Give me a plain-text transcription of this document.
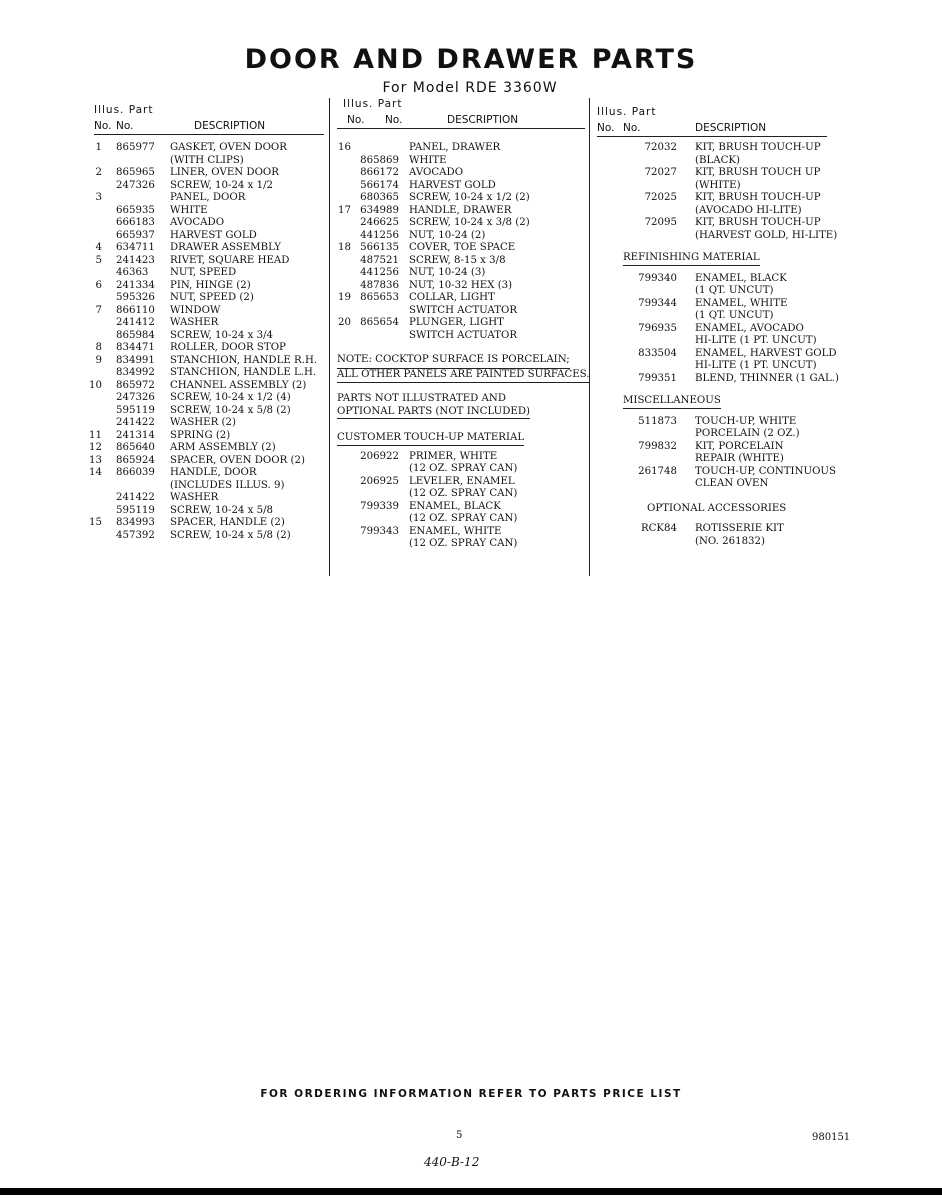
DOOR AND DRAWER PARTS
For Model RDE 3360W
Illus. Part
No. No.	DESCRIPTION
1 865977 GASKET, OVEN DOOR
(WITH CLIPS)
2 865965 LINER, OVEN DOOR
247326 SCREW, 10-24 x 1/2
3	PANEL, DOOR
665935 WHITE
666183 AVOCADO
665937 HARVEST GOLD
4 634711 DRAWER ASSEMBLY
5 241423 RIVET, SQUARE HEAD
46363 NUT, SPEED
6 241334 PIN, HINGE (2)
595326 NUT, SPEED (2)
7 866110 WINDOW
241412 WASHER
865984 SCREW, 10-24 x 3/4
8 834471 ROLLER, DOOR STOP
9 834991 STANCHION, HANDLE R.H.
834992 STANCHION, HANDLE L.H.
10 865972 CHANNEL ASSEMBLY (2)
247326 SCREW, 10-24 x 1/2 (4)
595119 SCREW, 10-24 x 5/8 (2)
241422 WASHER (2)
11 241314 SPRING (2)
12 865640 ARM ASSEMBLY (2)
13 865924 SPACER, OVEN DOOR (2)
14 866039 HANDLE, DOOR
(INCLUDES ILLUS. 9)
241422 WASHER
595119 SCREW, 10-24 x 5/8
15 834993 SPACER, HANDLE (2)
457392 SCREW, 10-24 x 5/8 (2)
Illus. Part
No. No.	DESCRIPTION
16	PANEL, DRAWER
865869 WHITE
866172 AVOCADO
566174 HARVEST GOLD
680365 SCREW, 10-24 x 1/2 (2)
17 634989 HANDLE, DRAWER
246625 SCREW, 10-24 x 3/8 (2)
441256 NUT, 10-24 (2)
18 566135 COVER, TOE SPACE
487521 SCREW, 8-15 x 3/8
441256 NUT, 10-24 (3)
487836 NUT, 10-32 HEX (3)
19 865653 COLLAR, LIGHT
SWITCH ACTUATOR
20 865654 PLUNGER, LIGHT
SWITCH ACTUATOR
NOTE: COCKTOP SURFACE IS PORCELAIN;
ALL OTHER PANELS ARE PAINTED SURFACES.
PARTS NOT ILLUSTRATED AND
OPTIONAL PARTS (NOT INCLUDED)
CUSTOMER TOUCH-UP MATERIAL
206922 PRIMER, WHITE
(12 OZ. SPRAY CAN)
206925 LEVELER, ENAMEL
(12 OZ. SPRAY CAN)
799339 ENAMEL, BLACK
(12 OZ. SPRAY CAN)
799343 ENAMEL, WHITE
(12 OZ. SPRAY CAN)
Illus. Part
No. No.	DESCRIPTION
72032 KIT, BRUSH TOUCH-UP
(BLACK)
72027 KIT, BRUSH TOUCH UP
(WHITE)
72025 KIT, BRUSH TOUCH-UP
(AVOCADO HI-LITE)
72095 KIT, BRUSH TOUCH-UP
(HARVEST GOLD, HI-LITE)
REFINISHING MATERIAL
799340 ENAMEL, BLACK
(1 QT. UNCUT)
799344 ENAMEL, WHITE
(1 QT. UNCUT)
796935 ENAMEL, AVOCADO
HI-LITE (1 PT. UNCUT)
833504 ENAMEL, HARVEST GOLD
HI-LITE (1 PT. UNCUT)
799351 BLEND, THINNER (1 GAL.)
MISCELLANEOUS
511873 TOUCH-UP, WHITE
PORCELAIN (2 OZ.)
799832 KIT, PORCELAIN
REPAIR (WHITE)
261748 TOUCH-UP, CONTINUOUS
CLEAN OVEN
OPTIONAL ACCESSORIES
RCK84 ROTISSERIE KIT
(NO. 261832)
FOR ORDERING INFORMATION REFER TO PARTS PRICE LIST
5	980151
440-B-12
